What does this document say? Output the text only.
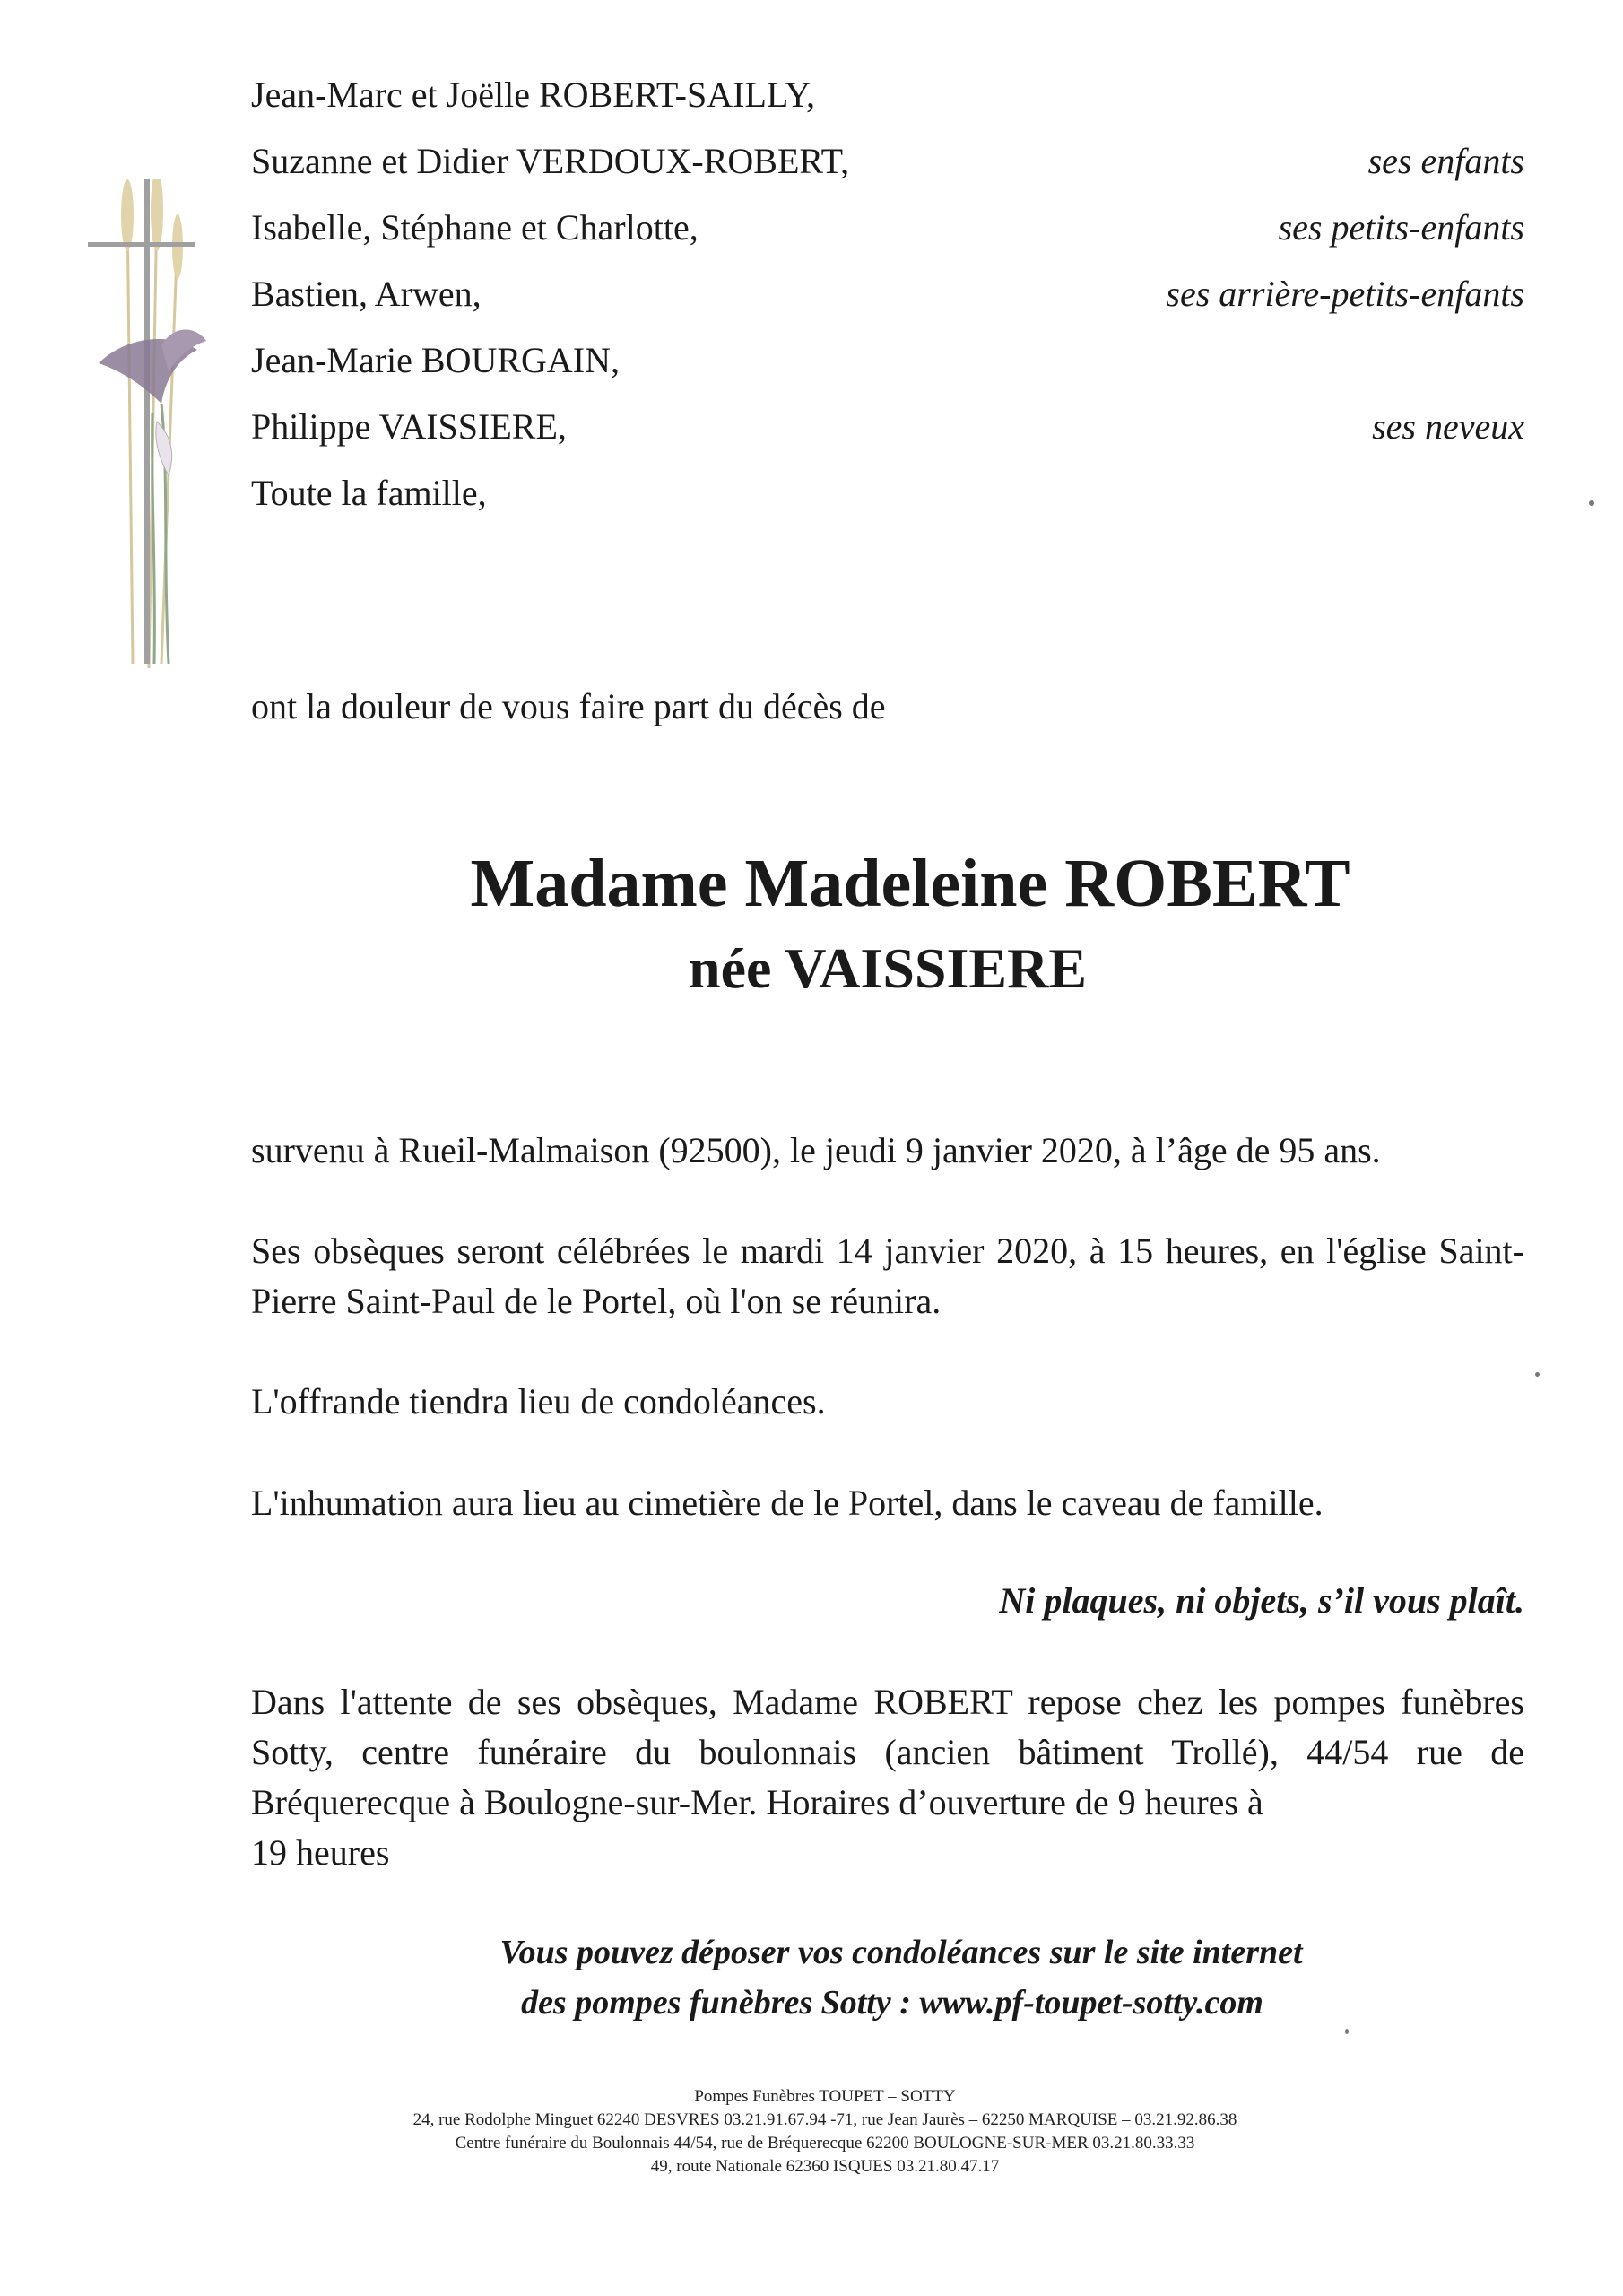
Jean-Marc et Joëlle ROBERT-SAILLY,
Suzanne et Didier VERDOUX-ROBERT,	ses enfants
Isabelle, Stéphane et Charlotte,	ses petits-enfants
Bastien, Arwen,	ses arrière-petits-enfants
Jean-Marie BOURGAIN,
Philippe VAISSIERE,	ses neveux
Toute la famille,

ont la douleur de vous faire part du décès de

Madame Madeleine ROBERT
née VAISSIERE

survenu à Rueil-Malmaison (92500), le jeudi 9 janvier 2020, à l’âge de 95 ans.

Ses obsèques seront célébrées le mardi 14 janvier 2020, à 15 heures, en l'église Saint-Pierre Saint-Paul de le Portel, où l'on se réunira.

L'offrande tiendra lieu de condoléances.

L'inhumation aura lieu au cimetière de le Portel, dans le caveau de famille.

Ni plaques, ni objets, s’il vous plaît.

Dans l'attente de ses obsèques, Madame ROBERT repose chez les pompes funèbres Sotty, centre funéraire du boulonnais (ancien bâtiment Trollé), 44/54 rue de Bréquerecque à Boulogne-sur-Mer. Horaires d’ouverture de 9 heures à
19 heures

Vous pouvez déposer vos condoléances sur le site internet

des pompes funèbres Sotty : www.pf-toupet-sotty.com

Pompes Funèbres TOUPET – SOTTY
24, rue Rodolphe Minguet 62240 DESVRES 03.21.91.67.94 -71, rue Jean Jaurès – 62250 MARQUISE – 03.21.92.86.38
Centre funéraire du Boulonnais 44/54, rue de Bréquerecque 62200 BOULOGNE-SUR-MER 03.21.80.33.33
49, route Nationale 62360 ISQUES 03.21.80.47.17
